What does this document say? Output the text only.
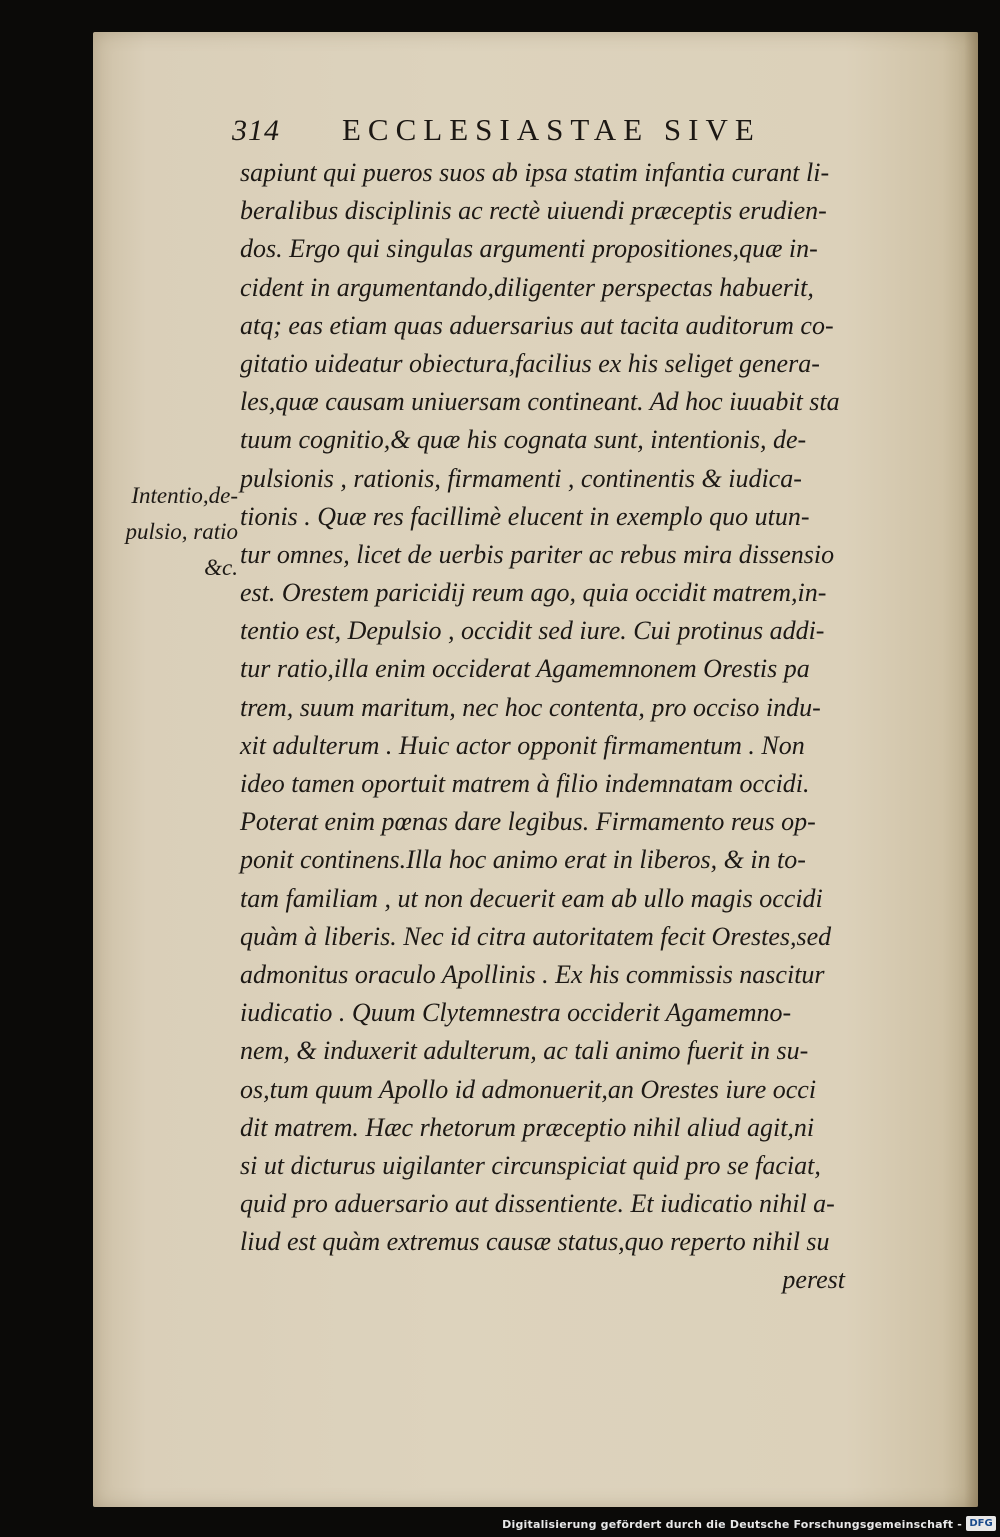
314 ECCLESIASTAE SIVE
Intentio,de-
pulsio, ratio
&c.
sapiunt qui pueros suos ab ipsa statim infantia curant li-
beralibus disciplinis ac rectè uiuendi præceptis erudien-
dos. Ergo qui singulas argumenti propositiones,quæ in-
cident in argumentando,diligenter perspectas habuerit,
atq; eas etiam quas aduersarius aut tacita auditorum co-
gitatio uideatur obiectura,facilius ex his seliget genera-
les,quæ causam uniuersam contineant. Ad hoc iuuabit sta
tuum cognitio,& quæ his cognata sunt, intentionis, de-
pulsionis , rationis, firmamenti , continentis & iudica-
tionis . Quæ res facillimè elucent in exemplo quo utun-
tur omnes, licet de uerbis pariter ac rebus mira dissensio
est. Orestem paricidij reum ago, quia occidit matrem,in-
tentio est, Depulsio , occidit sed iure. Cui protinus addi-
tur ratio,illa enim occiderat Agamemnonem Orestis pa
trem, suum maritum, nec hoc contenta, pro occiso indu-
xit adulterum . Huic actor opponit firmamentum . Non
ideo tamen oportuit matrem à filio indemnatam occidi.
Poterat enim pœnas dare legibus. Firmamento reus op-
ponit continens.Illa hoc animo erat in liberos, & in to-
tam familiam , ut non decuerit eam ab ullo magis occidi
quàm à liberis. Nec id citra autoritatem fecit Orestes,sed
admonitus oraculo Apollinis . Ex his commissis nascitur
iudicatio . Quum Clytemnestra occiderit Agamemno-
nem, & induxerit adulterum, ac tali animo fuerit in su-
os,tum quum Apollo id admonuerit,an Orestes iure occi
dit matrem. Hæc rhetorum præceptio nihil aliud agit,ni
si ut dicturus uigilanter circunspiciat quid pro se faciat,
quid pro aduersario aut dissentiente. Et iudicatio nihil a-
liud est quàm extremus causæ status,quo reperto nihil su
perest
Digitalisierung gefördert durch die Deutsche Forschungsgemeinschaft - DFG
